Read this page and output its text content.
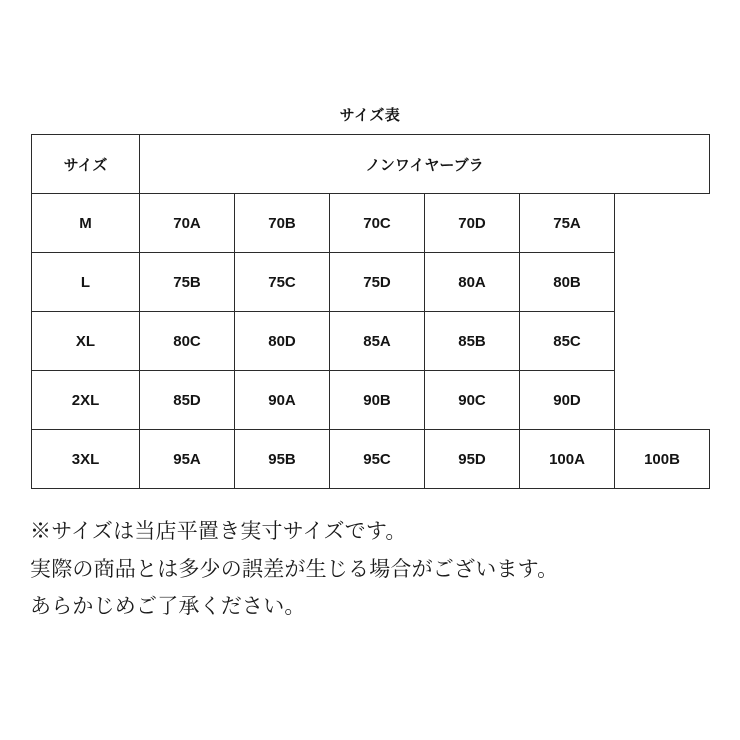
サイズ表
サイズ	ノンワイヤーブラ					
M	70A	70B	70C	70D	75A	
L	75B	75C	75D	80A	80B	
XL	80C	80D	85A	85B	85C	
2XL	85D	90A	90B	90C	90D	
3XL	95A	95B	95C	95D	100A	100B

※サイズは当店平置き実寸サイズです。

実際の商品とは多少の誤差が生じる場合がございます。

あらかじめご了承ください。
